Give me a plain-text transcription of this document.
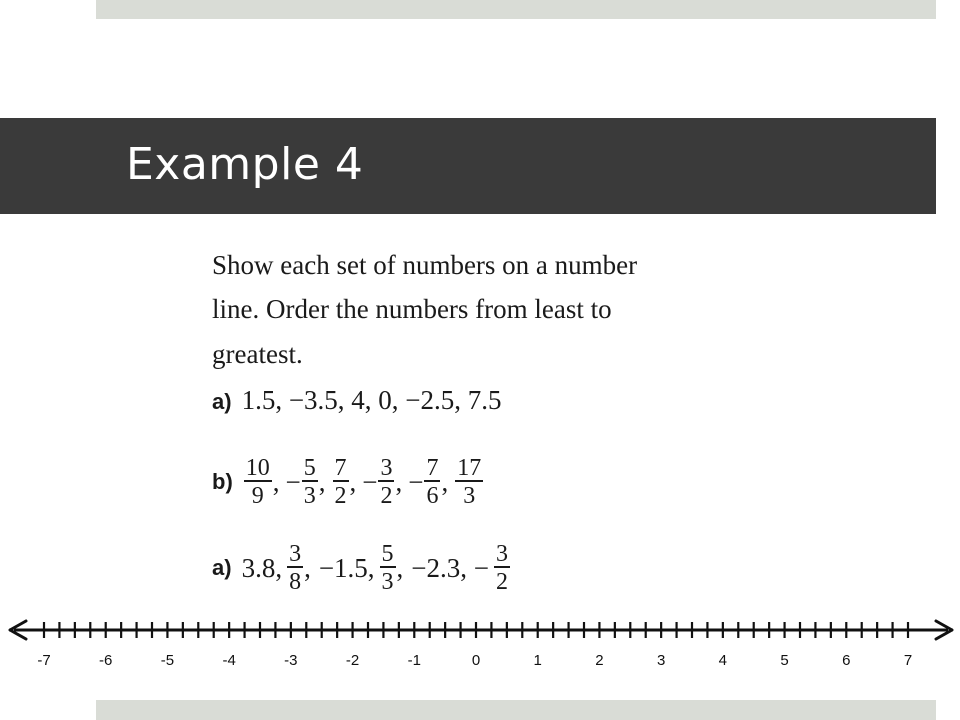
Example 4
Show each set of numbers on a number
line. Order the numbers from least to
greatest.
a) 1.5, −3.5, 4, 0, −2.5, 7.5
$b) \frac{10}{9}$ , − $\frac{5}{3}$ , $\frac{7}{2}$ , − $\frac{3}{2}$ , − $\frac{7}{6}$ , $\frac{17}{3}$
a) 3.8, $\frac{3}{8}$ , −1.5, $\frac{5}{3}$ , −2.3, − $\frac{3}{2}$
-7	-6	-5	-4	-3	-2	-1	0	1	2	3	4	5	6	7
